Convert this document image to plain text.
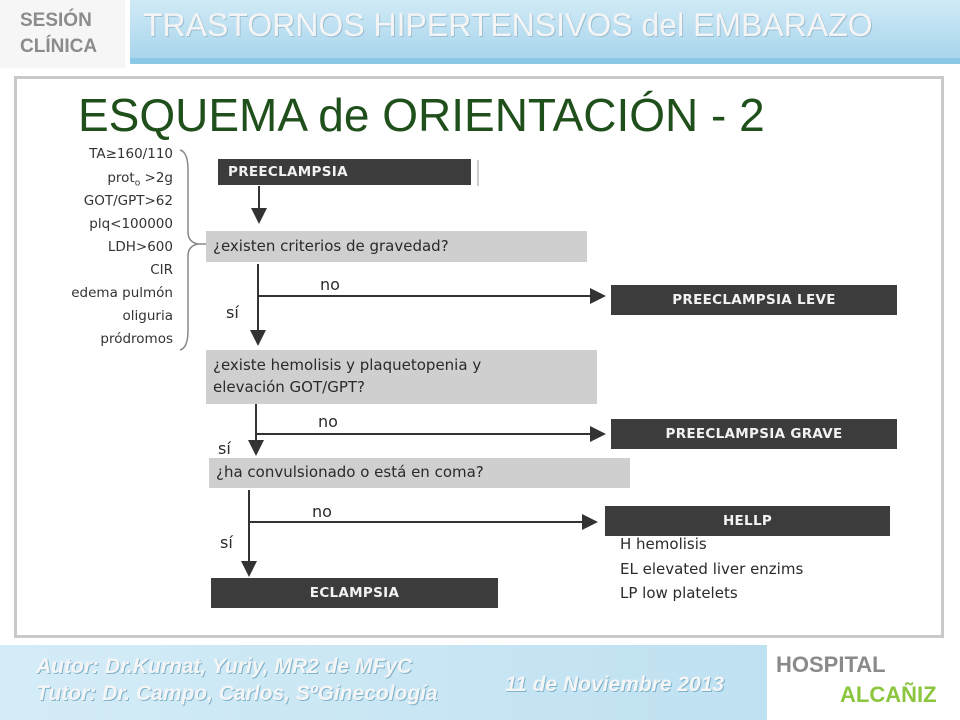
SESIÓN
CLÍNICA
TRASTORNOS HIPERTENSIVOS del EMBARAZO
ESQUEMA de ORIENTACIÓN - 2
TA≥160/110
prot$_o$ >2g
GOT/GPT>62
plq<100000
LDH>600
CIR
edema pulmón
oliguria
pródromos
PREECLAMPSIA
¿existen criterios de gravedad?
no
sí
PREECLAMPSIA LEVE
¿existe hemolisis y plaquetopenia y
elevación GOT/GPT?
no
sí
PREECLAMPSIA GRAVE
¿ha convulsionado o está en coma?
no
sí
HELLP
H hemolisis
EL elevated liver enzims
LP low platelets
ECLAMPSIA
Autor: Dr.Kurnat, Yuriy, MR2 de MFyC
Tutor: Dr. Campo, Carlos, SºGinecología	11 de Noviembre 2013
HOSPITAL
ALCAÑIZ
